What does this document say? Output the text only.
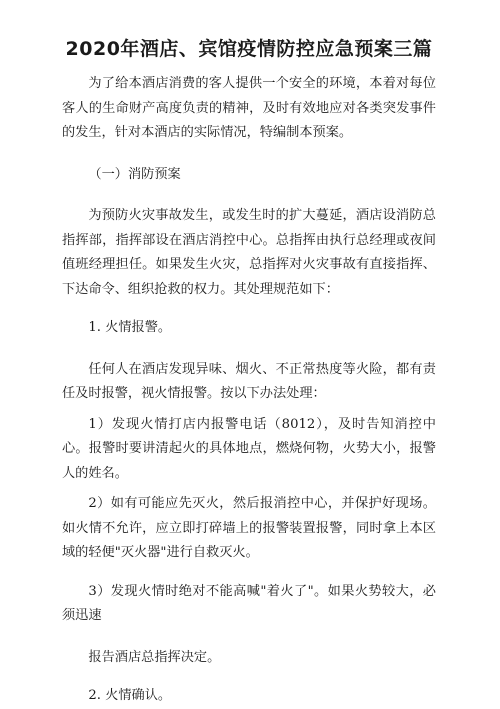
2020年酒店、宾馆疫情防控应急预案三篇

为了给本酒店消费的客人提供一个安全的环境，本着对每位客人的生命财产高度负责的精神，及时有效地应对各类突发事件的发生，针对本酒店的实际情况，特编制本预案。

（一）消防预案

为预防火灾事故发生，或发生时的扩大蔓延，酒店设消防总指挥部，指挥部设在酒店消控中心。总指挥由执行总经理或夜间值班经理担任。如果发生火灾，总指挥对火灾事故有直接指挥、下达命令、组织抢救的权力。其处理规范如下：

1. 火情报警。

任何人在酒店发现异味、烟火、不正常热度等火险，都有责任及时报警，视火情报警。按以下办法处理：

1）发现火情打店内报警电话（8012），及时告知消控中心。报警时要讲清起火的具体地点，燃烧何物，火势大小，报警人的姓名。

2）如有可能应先灭火，然后报消控中心，并保护好现场。如火情不允许，应立即打碎墙上的报警装置报警，同时拿上本区域的轻便"灭火器"进行自救灭火。

3）发现火情时绝对不能高喊"着火了"。如果火势较大，必须迅速

报告酒店总指挥决定。

2. 火情确认。
